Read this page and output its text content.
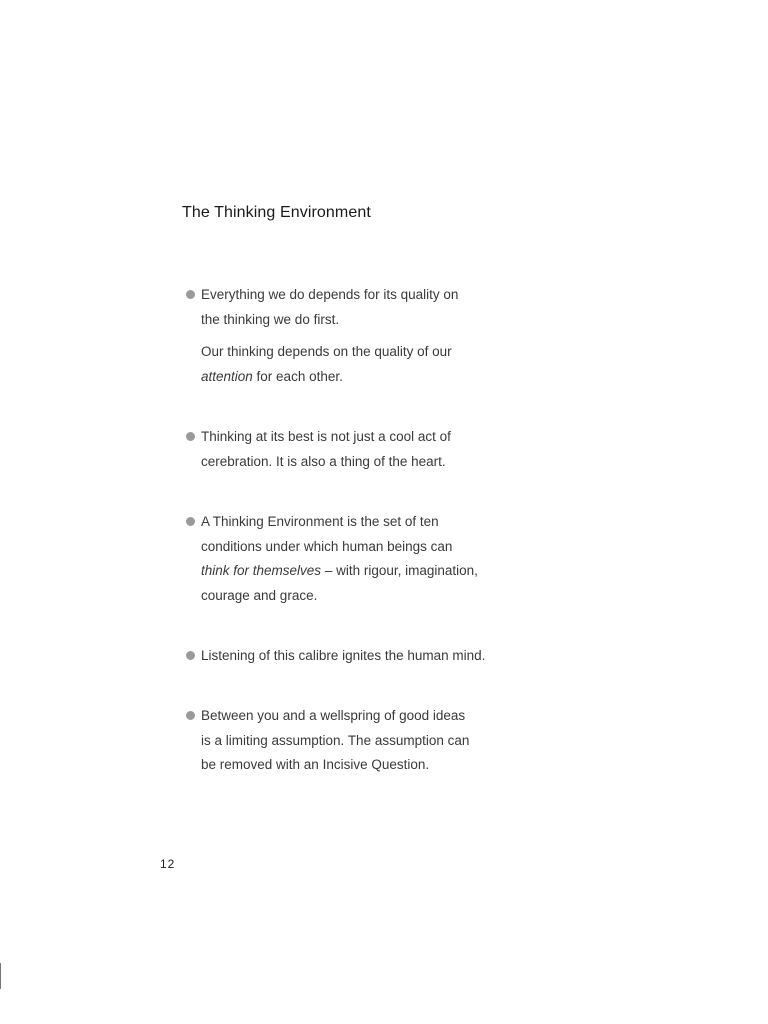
The Thinking Environment

Everything we do depends for its quality on
the thinking we do first.

Our thinking depends on the quality of our
attention for each other.

Thinking at its best is not just a cool act of
cerebration. It is also a thing of the heart.

A Thinking Environment is the set of ten
conditions under which human beings can
think for themselves – with rigour, imagination,
courage and grace.

Listening of this calibre ignites the human mind.

Between you and a wellspring of good ideas
is a limiting assumption. The assumption can
be removed with an Incisive Question.

12
